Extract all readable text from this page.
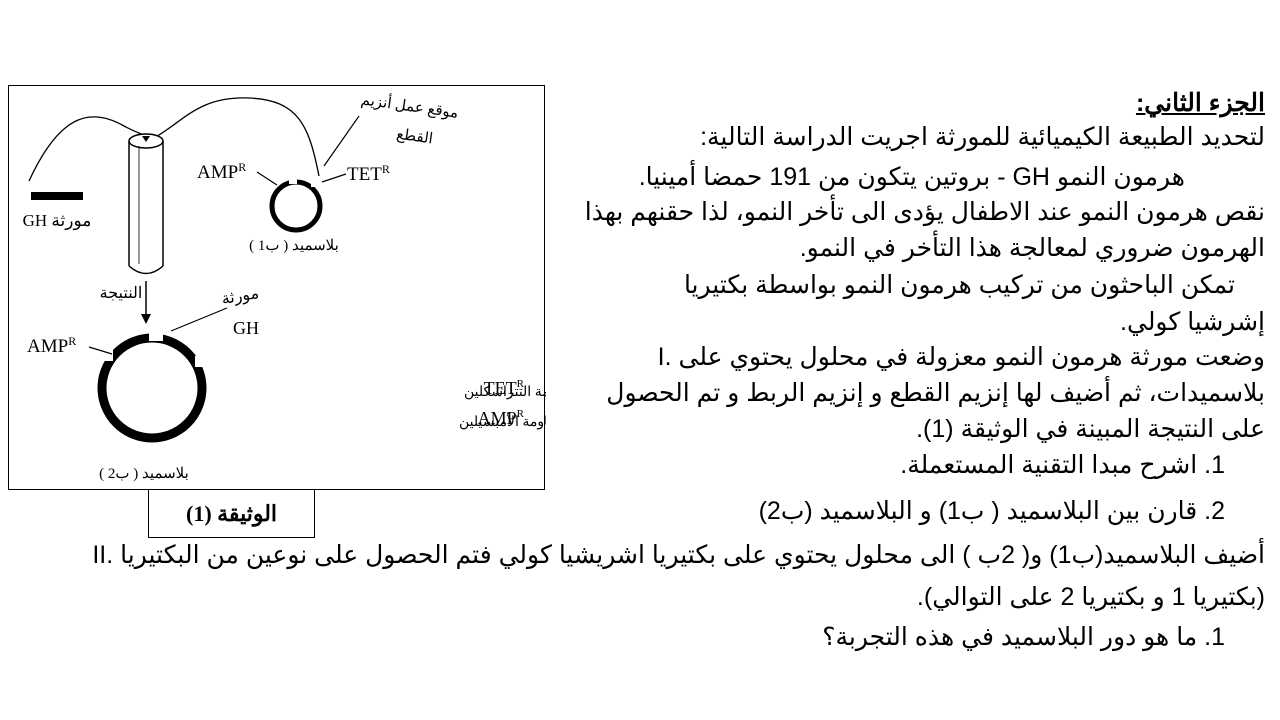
مورثة GH
النتيجة
موقع عمل أنزيم
القطع
$AMP^R$	$TET^R$
بلاسميد ( ب1 )
مورثة
GH
$AMP^R$
بلاسميد ( ب2 )
$TET^R$
ة التتراسكلين
$AMP^R$
ومة الأمبسيلين
الوثيقة (1)
الجزء الثاني:
لتحديد الطبيعة الكيميائية للمورثة اجريت الدراسة التالية:
هرمون النمو GH - بروتين يتكون من 191 حمضا أمينيا.
نقص هرمون النمو عند الاطفال يؤدى الى تأخر النمو، لذا حقنهم بهذا
الهرمون ضروري لمعالجة هذا التأخر في النمو.
تمكن الباحثون من تركيب هرمون النمو بواسطة بكتيريا
إشرشيا كولي.
I. وضعت مورثة هرمون النمو معزولة في محلول يحتوي على
بلاسميدات، ثم أضيف لها إنزيم القطع و إنزيم الربط و تم الحصول
على النتيجة المبينة في الوثيقة (1).
1. اشرح مبدا التقنية المستعملة.
2. قارن بين البلاسميد ( ب1) و البلاسميد (ب2)
II. أضيف البلاسميد(ب1) و( 2ب ) الى محلول يحتوي على بكتيريا اشريشيا كولي فتم الحصول على نوعين من البكتيريا
(بكتيريا 1 و بكتيريا 2 على التوالي).
1. ما هو دور البلاسميد في هذه التجربة؟
